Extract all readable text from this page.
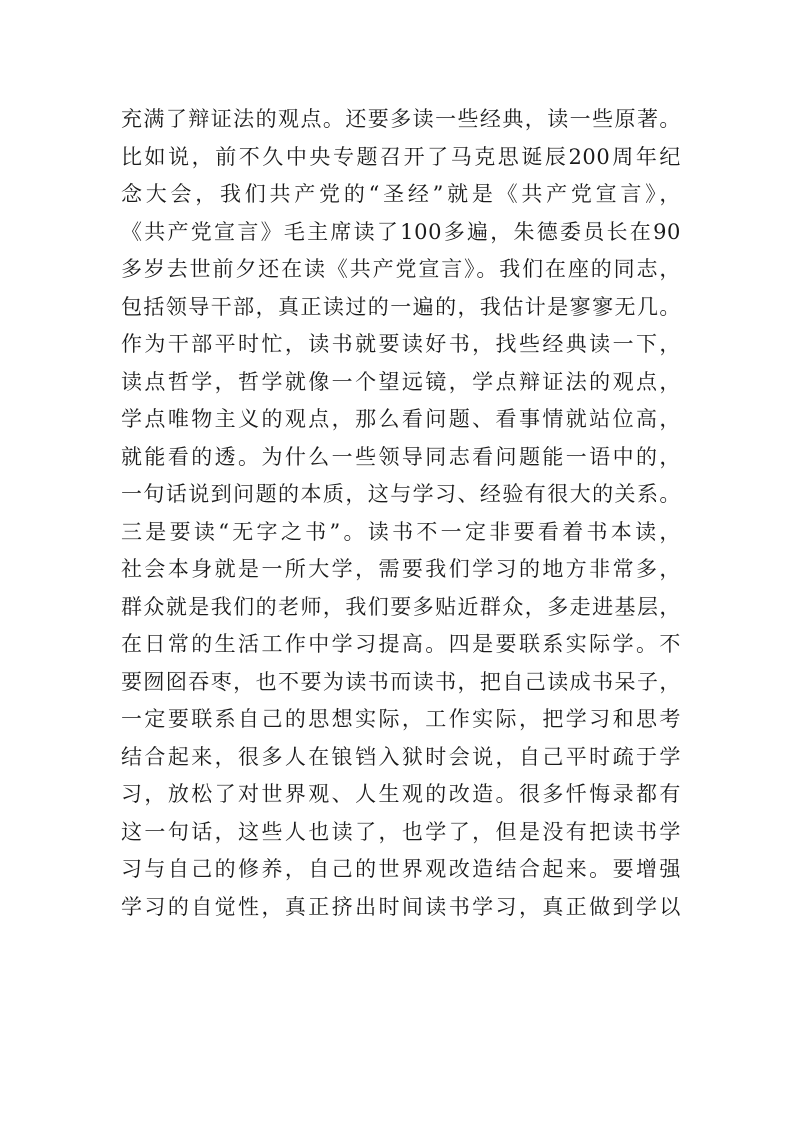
充满了辩证法的观点。还要多读一些经典，读一些原著。
比如说，前不久中央专题召开了马克思诞辰200周年纪
念大会，我们共产党的“圣经”就是《共产党宣言》，
《共产党宣言》毛主席读了100多遍，朱德委员长在90
多岁去世前夕还在读《共产党宣言》。我们在座的同志，
包括领导干部，真正读过的一遍的，我估计是寥寥无几。
作为干部平时忙，读书就要读好书，找些经典读一下，
读点哲学，哲学就像一个望远镜，学点辩证法的观点，
学点唯物主义的观点，那么看问题、看事情就站位高，
就能看的透。为什么一些领导同志看问题能一语中的，
一句话说到问题的本质，这与学习、经验有很大的关系。
三是要读“无字之书”。读书不一定非要看着书本读，
社会本身就是一所大学，需要我们学习的地方非常多，
群众就是我们的老师，我们要多贴近群众，多走进基层，
在日常的生活工作中学习提高。四是要联系实际学。不
要囫囵吞枣，也不要为读书而读书，把自己读成书呆子，
一定要联系自己的思想实际，工作实际，把学习和思考
结合起来，很多人在锒铛入狱时会说，自己平时疏于学
习，放松了对世界观、人生观的改造。很多忏悔录都有
这一句话，这些人也读了，也学了，但是没有把读书学
习与自己的修养，自己的世界观改造结合起来。要增强
学习的自觉性，真正挤出时间读书学习，真正做到学以
